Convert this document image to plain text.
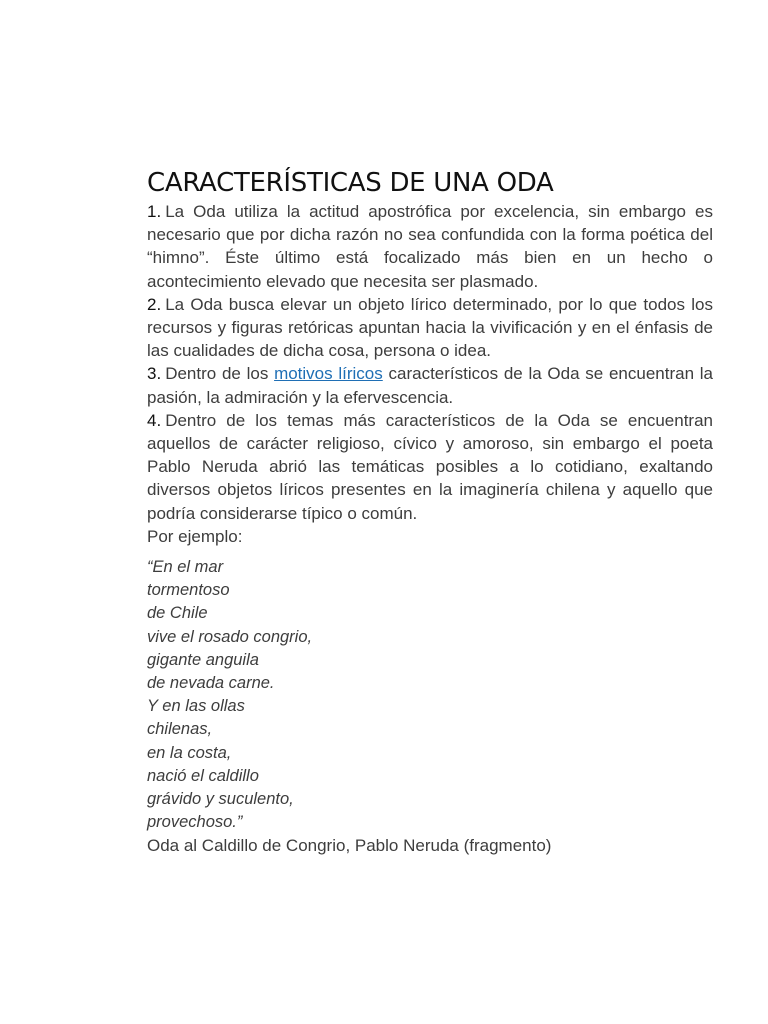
CARACTERÍSTICAS DE UNA ODA

1. La Oda utiliza la actitud apostrófica por excelencia, sin embargo es necesario que por dicha razón no sea confundida con la forma poética del “himno”. Éste último está focalizado más bien en un hecho o acontecimiento elevado que necesita ser plasmado.

2. La Oda busca elevar un objeto lírico determinado, por lo que todos los recursos y figuras retóricas apuntan hacia la vivificación y en el énfasis de las cualidades de dicha cosa, persona o idea.

3. Dentro de los motivos líricos característicos de la Oda se encuentran la pasión, la admiración y la efervescencia.

4. Dentro de los temas más característicos de la Oda se encuentran aquellos de carácter religioso, cívico y amoroso, sin embargo el poeta Pablo Neruda abrió las temáticas posibles a lo cotidiano, exaltando diversos objetos líricos presentes en la imaginería chilena y aquello que podría considerarse típico o común.

Por ejemplo:

“En el mar
tormentoso
de Chile
vive el rosado congrio,
gigante anguila
de nevada carne.
Y en las ollas
chilenas,
en la costa,
nació el caldillo
grávido y suculento,
provechoso.”

Oda al Caldillo de Congrio, Pablo Neruda (fragmento)
